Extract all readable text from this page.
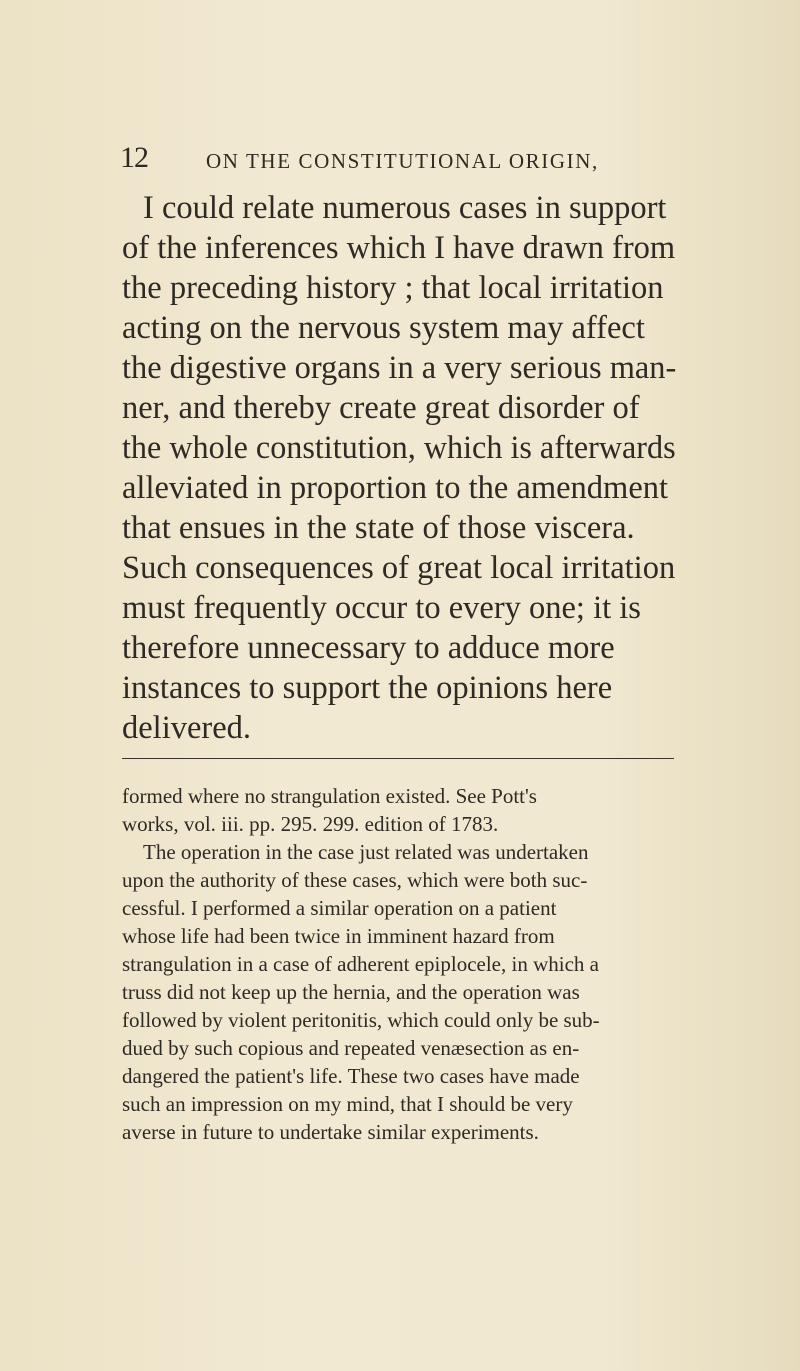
12	ON THE CONSTITUTIONAL ORIGIN,
I could relate numerous cases in support
of the inferences which I have drawn from
the preceding history ; that local irritation
acting on the nervous system may affect
the digestive organs in a very serious man-
ner, and thereby create great disorder of
the whole constitution, which is afterwards
alleviated in proportion to the amendment
that ensues in the state of those viscera.
Such consequences of great local irritation
must frequently occur to every one; it is
therefore unnecessary to adduce more
instances to support the opinions here
delivered.
formed where no strangulation existed. See Pott's
works, vol. iii. pp. 295. 299. edition of 1783.
The operation in the case just related was undertaken
upon the authority of these cases, which were both suc-
cessful. I performed a similar operation on a patient
whose life had been twice in imminent hazard from
strangulation in a case of adherent epiplocele, in which a
truss did not keep up the hernia, and the operation was
followed by violent peritonitis, which could only be sub-
dued by such copious and repeated venæsection as en-
dangered the patient's life. These two cases have made
such an impression on my mind, that I should be very
averse in future to undertake similar experiments.
